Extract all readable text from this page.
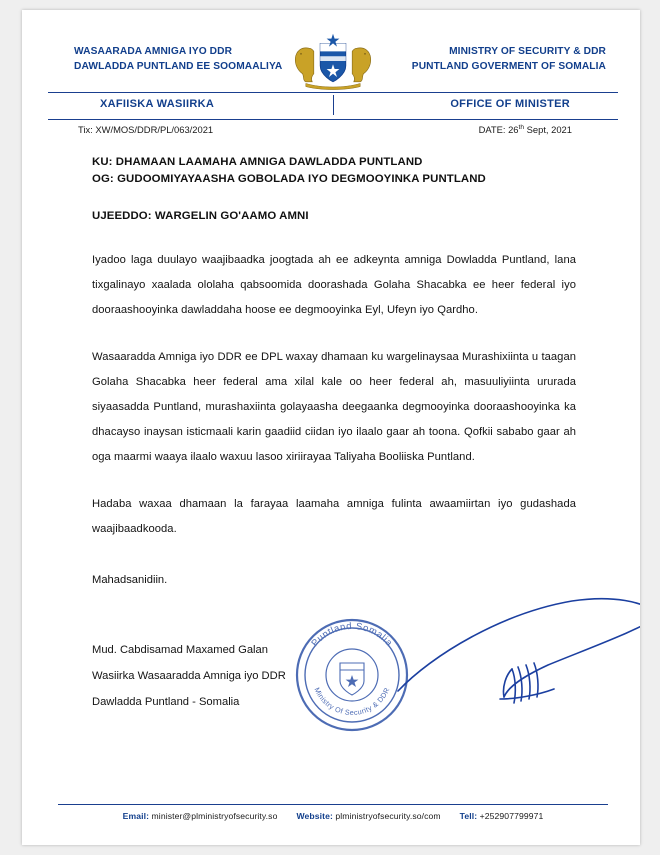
WASAARADA AMNIGA IYO DDR
DAWLADDA PUNTLAND EE SOOMAALIYA
MINISTRY OF SECURITY & DDR
PUNTLAND GOVERMENT OF SOMALIA
XAFIISKA WASIIRKA	OFFICE OF MINISTER
Tix: XW/MOS/DDR/PL/063/2021	DATE: 26th Sept, 2021
KU: DHAMAAN LAAMAHA AMNIGA DAWLADDA PUNTLAND
OG: GUDOOMIYAYAASHA GOBOLADA IYO DEGMOOYINKA PUNTLAND
UJEEDDO: WARGELIN GO'AAMO AMNI

Iyadoo laga duulayo waajibaadka joogtada ah ee adkeynta amniga Dowladda Puntland, lana tixgalinayo xaalada ololaha qabsoomida doorashada Golaha Shacabka ee heer federal iyo dooraashooyinka dawladdaha hoose ee degmooyinka Eyl, Ufeyn iyo Qardho.

Wasaaradda Amniga iyo DDR ee DPL waxay dhamaan ku wargelinaysaa Murashixiinta u taagan Golaha Shacabka heer federal ama xilal kale oo heer federal ah, masuuliyiinta ururada siyaasadda Puntland, murashaxiinta golayaasha deegaanka degmooyinka dooraashooyinka ka dhacayso inaysan isticmaali karin gaadiid ciidan iyo ilaalo gaar ah toona. Qofkii sababo gaar ah oga maarmi waaya ilaalo waxuu lasoo xiriirayaa Taliyaha Booliiska Puntland.

Hadaba waxaa dhamaan la farayaa laamaha amniga fulinta awaamiirtan iyo gudashada waajibaadkooda.

Mahadsanidiin.
Puntland Somalia
Ministry Of Security & DDR
Mud. Cabdisamad Maxamed Galan
Wasiirka Wasaaradda Amniga iyo DDR
Dawladda Puntland - Somalia
Email: minister@plministryofsecurity.so Website: plministryofsecurity.so/com Tell: +252907799971
